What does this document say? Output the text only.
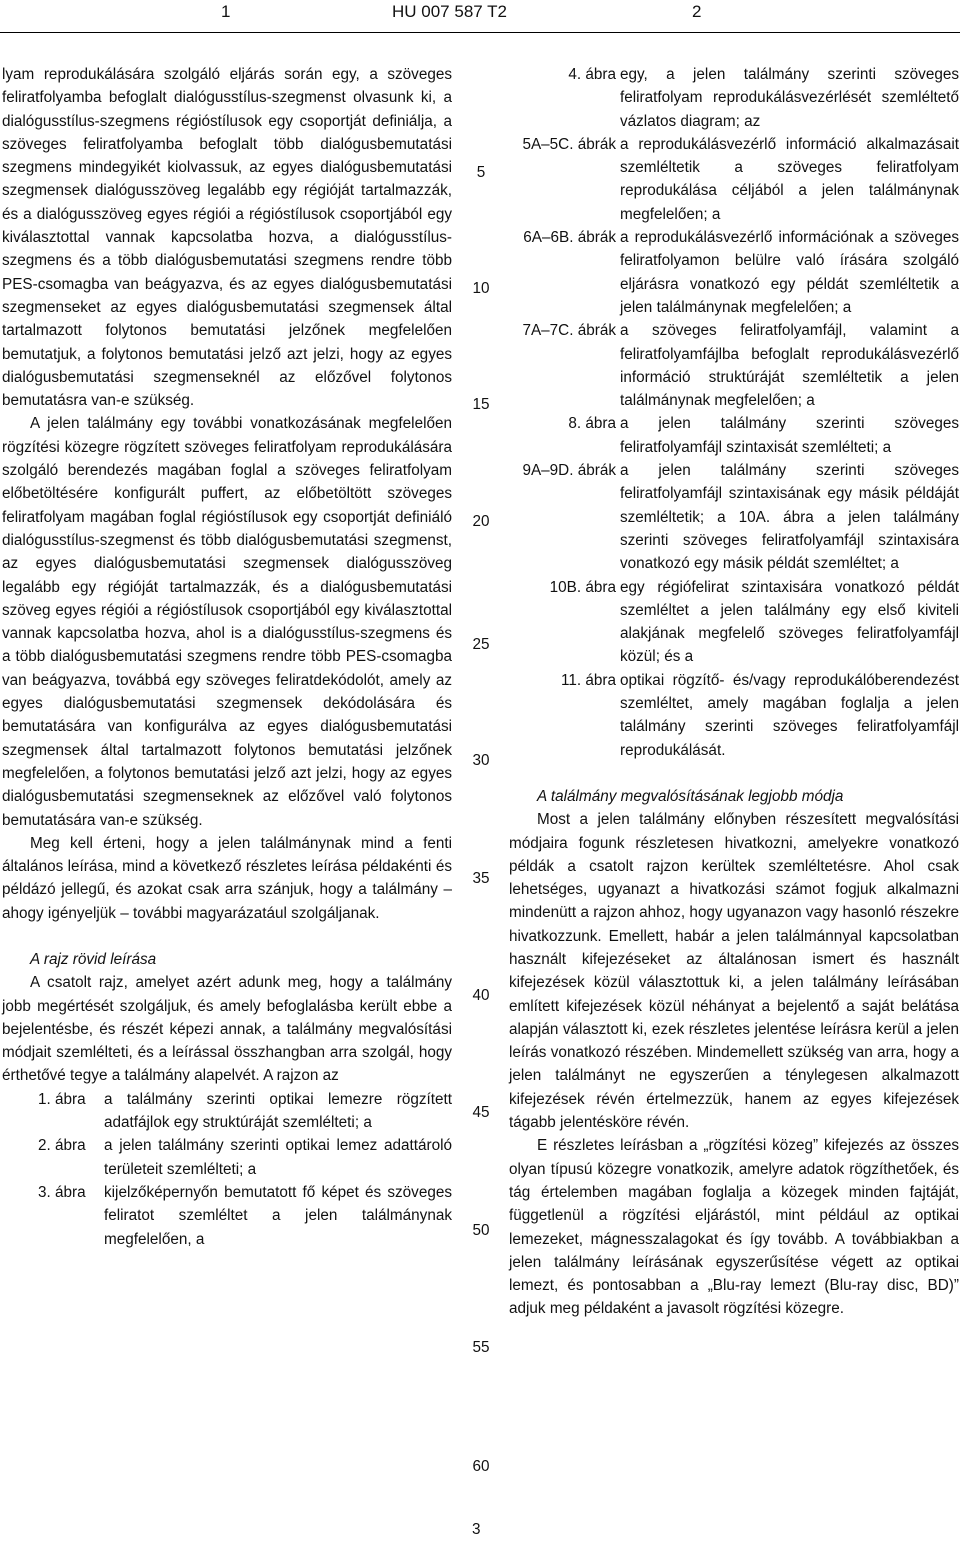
1	HU 007 587 T2	2

lyam reprodukálására szolgáló eljárás során egy, a szöveges feliratfolyamba befoglalt dialógusstílus-szegmenst olvasunk ki, a dialógusstílus-szegmens régióstílusok egy csoportját definiálja, a szöveges feliratfolyamba befoglalt több dialógusbemutatási szegmens mindegyikét kiolvassuk, az egyes dialógusbemutatási szegmensek dialógusszöveg legalább egy régióját tartalmazzák, és a dialógusszöveg egyes régiói a régióstílusok csoportjából egy kiválasztottal vannak kapcsolatba hozva, a dialógusstílus-szegmens és a több dialógusbemutatási szegmens rendre több PES-csomagba van beágyazva, és az egyes dialógusbemutatási szegmenseket az egyes dialógusbemutatási szegmensek által tartalmazott folytonos bemutatási jelzőnek megfelelően bemutatjuk, a folytonos bemutatási jelző azt jelzi, hogy az egyes dialógusbemutatási szegmenseknél az előzővel folytonos bemutatásra van-e szükség.

A jelen találmány egy további vonatkozásának megfelelően rögzítési közegre rögzített szöveges feliratfolyam reprodukálására szolgáló berendezés magában foglal a szöveges feliratfolyam előbetöltésére konfigurált puffert, az előbetöltött szöveges feliratfolyam magában foglal régióstílusok egy csoportját definiáló dialógusstílus-szegmenst és több dialógusbemutatási szegmenst, az egyes dialógusbemutatási szegmensek dialógusszöveg legalább egy régióját tartalmazzák, és a dialógusbemutatási szöveg egyes régiói a régióstílusok csoportjából egy kiválasztottal vannak kapcsolatba hozva, ahol is a dialógusstílus-szegmens és a több dialógusbemutatási szegmens rendre több PES-csomagba van beágyazva, továbbá egy szöveges feliratdekódolót, amely az egyes dialógusbemutatási szegmensek dekódolására és bemutatására van konfigurálva az egyes dialógusbemutatási szegmensek által tartalmazott folytonos bemutatási jelzőnek megfelelően, a folytonos bemutatási jelző azt jelzi, hogy az egyes dialógusbemutatási szegmenseknek az előzővel való folytonos bemutatására van-e szükség.

Meg kell érteni, hogy a jelen találmánynak mind a fenti általános leírása, mind a következő részletes leírása példakénti és példázó jellegű, és azokat csak arra szánjuk, hogy a találmány – ahogy igényeljük – további magyarázatául szolgáljanak.

A rajz rövid leírása

A csatolt rajz, amelyet azért adunk meg, hogy a találmány jobb megértését szolgáljuk, és amely befoglalásba került ebbe a bejelentésbe, és részét képezi annak, a találmány megvalósítási módjait szemlélteti, és a leírással összhangban arra szolgál, hogy érthetővé tegye a találmány alapelvét. A rajzon az

1. ábra	a találmány szerinti optikai lemezre rögzített adatfájlok egy struktúráját szemlélteti; a
2. ábra	a jelen találmány szerinti optikai lemez adattároló területeit szemlélteti; a
3. ábra	kijelzőképernyőn bemutatott fő képet és szöveges feliratot szemléltet a jelen találmánynak megfelelően, a
4. ábra egy, a jelen találmány szerinti szöveges feliratfolyam reprodukálásvezérlését szemléltető vázlatos diagram; az
5A–5C. ábrák a reprodukálásvezérlő információ alkalmazásait szemléltetik a szöveges feliratfolyam reprodukálása céljából a jelen találmánynak megfelelően; a
6A–6B. ábrák a reprodukálásvezérlő információnak a szöveges feliratfolyamon belülre való írására szolgáló eljárásra vonatkozó egy példát szemléltetik a jelen találmánynak megfelelően; a
7A–7C. ábrák a szöveges feliratfolyamfájl, valamint a feliratfolyamfájlba befoglalt reprodukálásvezérlő információ struktúráját szemléltetik a jelen találmánynak megfelelően; a
8. ábra a jelen találmány szerinti szöveges feliratfolyamfájl szintaxisát szemlélteti; a
9A–9D. ábrák a jelen találmány szerinti szöveges feliratfolyamfájl szintaxisának egy másik példáját szemléltetik; a 10A. ábra a jelen találmány szerinti szöveges feliratfolyamfájl szintaxisára vonatkozó egy másik példát szemléltet; a
10B. ábra egy régiófelirat szintaxisára vonatkozó példát szemléltet a jelen találmány egy első kiviteli alakjának megfelelő szöveges feliratfolyamfájl közül; és a
11. ábra optikai rögzítő- és/vagy reprodukálóberendezést szemléltet, amely magában foglalja a jelen találmány szerinti szöveges feliratfolyamfájl reprodukálását.
A találmány megvalósításának legjobb módja

Most a jelen találmány előnyben részesített megvalósítási módjaira fogunk részletesen hivatkozni, amelyekre vonatkozó példák a csatolt rajzon kerültek szemléltetésre. Ahol csak lehetséges, ugyanazt a hivatkozási számot fogjuk alkalmazni mindenütt a rajzon ahhoz, hogy ugyanazon vagy hasonló részekre hivatkozzunk. Emellett, habár a jelen találmánnyal kapcsolatban használt kifejezéseket az általánosan ismert és használt kifejezések közül választottuk ki, a jelen találmány leírásában említett kifejezések közül néhányat a bejelentő a saját belátása alapján választott ki, ezek részletes jelentése leírásra kerül a jelen leírás vonatkozó részében. Mindemellett szükség van arra, hogy a jelen találmányt ne egyszerűen a ténylegesen alkalmazott kifejezések révén értelmezzük, hanem az egyes kifejezések tágabb jelentésköre révén.

E részletes leírásban a „rögzítési közeg” kifejezés az összes olyan típusú közegre vonatkozik, amelyre adatok rögzíthetőek, és tág értelemben magában foglalja a közegek minden fajtáját, függetlenül a rögzítési eljárástól, mint például az optikai lemezeket, mágnesszalagokat és így tovább. A továbbiakban a jelen találmány leírásának egyszerűsítése végett az optikai lemezt, és pontosabban a „Blu-ray lemezt (Blu-ray disc, BD)” adjuk meg példaként a javasolt rögzítési közegre.

5
10
15
20
25
30
35
40
45
50
55
60
3
